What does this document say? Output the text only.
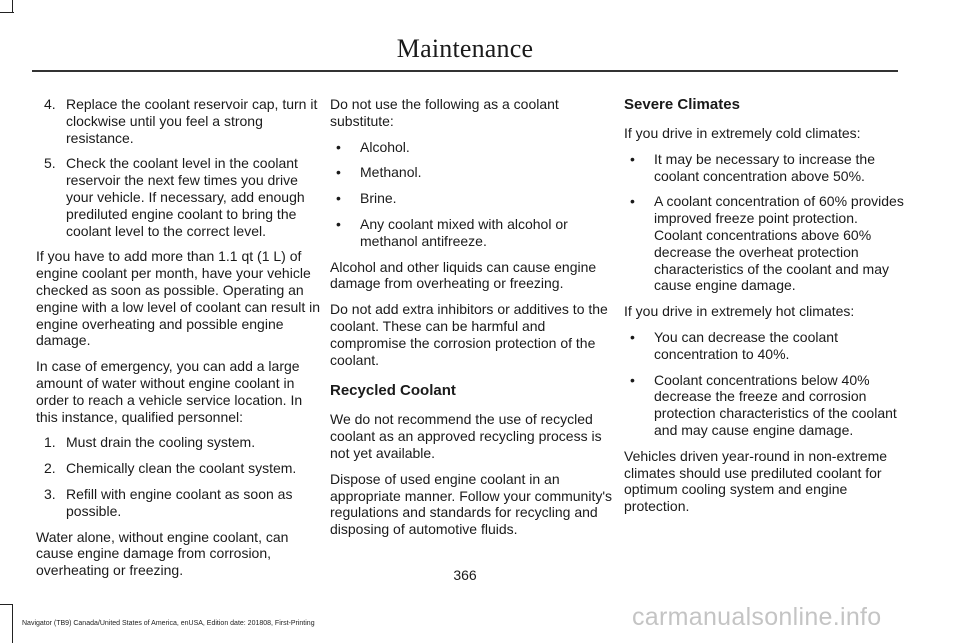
Maintenance
4. Replace the coolant reservoir cap, turn it clockwise until you feel a strong resistance.
5. Check the coolant level in the coolant reservoir the next few times you drive your vehicle. If necessary, add enough prediluted engine coolant to bring the coolant level to the correct level.

If you have to add more than 1.1 qt (1 L) of engine coolant per month, have your vehicle checked as soon as possible. Operating an engine with a low level of coolant can result in engine overheating and possible engine damage.

In case of emergency, you can add a large amount of water without engine coolant in order to reach a vehicle service location. In this instance, qualified personnel:

1. Must drain the cooling system.
2. Chemically clean the coolant system.
3. Refill with engine coolant as soon as possible.

Water alone, without engine coolant, can cause engine damage from corrosion, overheating or freezing.

Do not use the following as a coolant substitute:

• Alcohol.
• Methanol.
• Brine.
• Any coolant mixed with alcohol or methanol antifreeze.

Alcohol and other liquids can cause engine damage from overheating or freezing.

Do not add extra inhibitors or additives to the coolant. These can be harmful and compromise the corrosion protection of the coolant.

Recycled Coolant

We do not recommend the use of recycled coolant as an approved recycling process is not yet available.

Dispose of used engine coolant in an appropriate manner. Follow your community's regulations and standards for recycling and disposing of automotive fluids.

Severe Climates

If you drive in extremely cold climates:

• It may be necessary to increase the coolant concentration above 50%.
• A coolant concentration of 60% provides improved freeze point protection. Coolant concentrations above 60% decrease the overheat protection characteristics of the coolant and may cause engine damage.

If you drive in extremely hot climates:

• You can decrease the coolant concentration to 40%.
• Coolant concentrations below 40% decrease the freeze and corrosion protection characteristics of the coolant and may cause engine damage.

Vehicles driven year-round in non-extreme climates should use prediluted coolant for optimum cooling system and engine protection.

366
Navigator (TB9) Canada/United States of America, enUSA, Edition date: 201808, First-Printing	carmanualsonline.info
